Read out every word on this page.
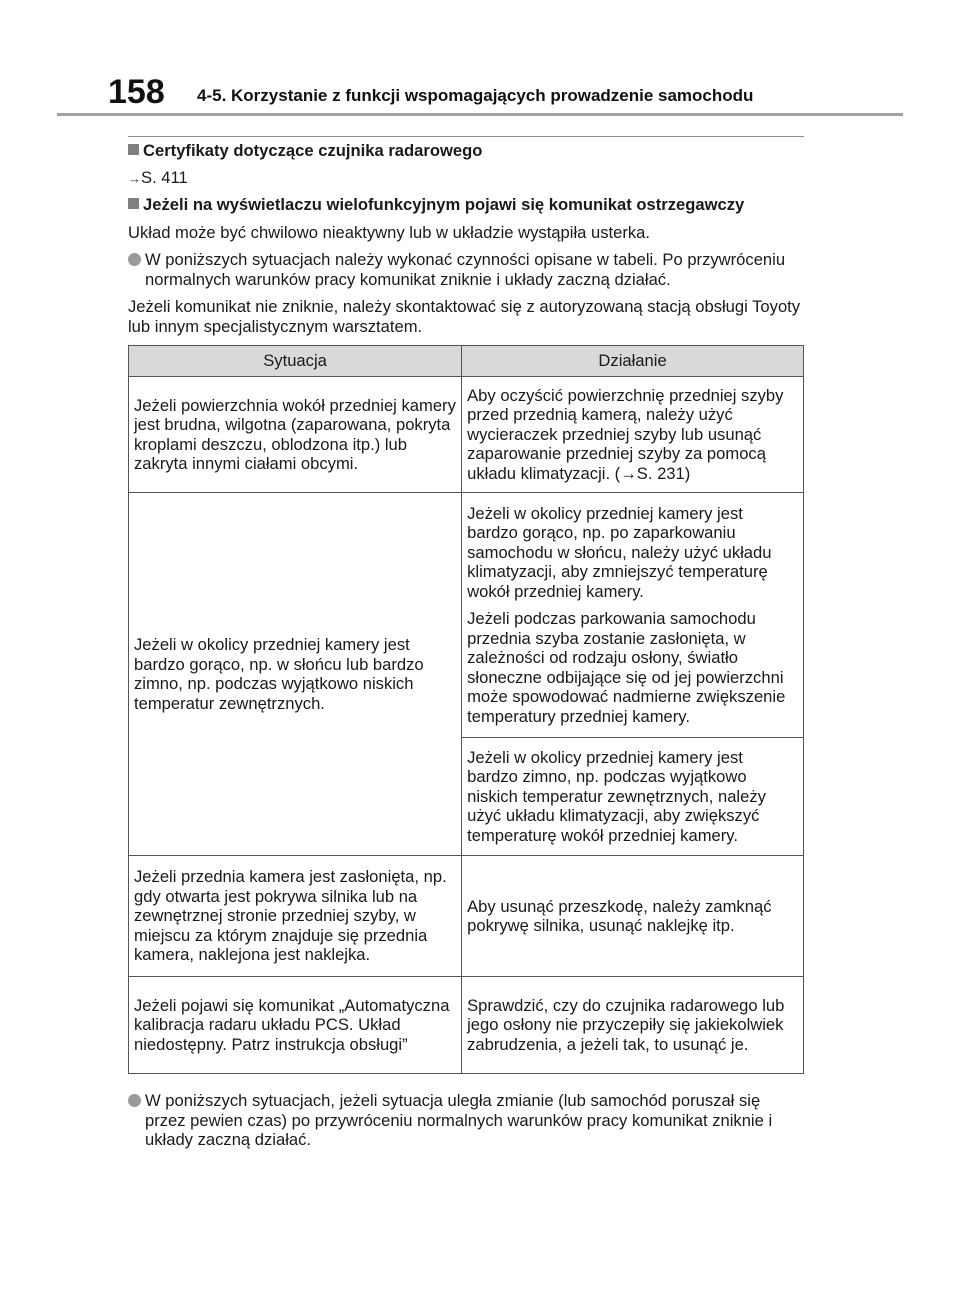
158 4-5. Korzystanie z funkcji wspomagających prowadzenie samochodu

Certyfikaty dotyczące czujnika radarowego

→S. 411

Jeżeli na wyświetlaczu wielofunkcyjnym pojawi się komunikat ostrzegawczy

Układ może być chwilowo nieaktywny lub w układzie wystąpiła usterka.

W poniższych sytuacjach należy wykonać czynności opisane w tabeli. Po przywróceniu normalnych warunków pracy komunikat zniknie i układy zaczną działać.

Jeżeli komunikat nie zniknie, należy skontaktować się z autoryzowaną stacją obsługi Toyoty lub innym specjalistycznym warsztatem.

Sytuacja	Działanie
Jeżeli powierzchnia wokół przedniej kamery jest brudna, wilgotna (zaparowana, pokryta kroplami deszczu, oblodzona itp.) lub zakryta innymi ciałami obcymi.	Aby oczyścić powierzchnię przedniej szyby przed przednią kamerą, należy użyć wycieraczek przedniej szyby lub usunąć zaparowanie przedniej szyby za pomocą układu klimatyzacji. (→S. 231)
Jeżeli w okolicy przedniej kamery jest bardzo gorąco, np. w słońcu lub bardzo zimno, np. podczas wyjątkowo niskich temperatur zewnętrznych.	Jeżeli w okolicy przedniej kamery jest bardzo gorąco, np. po zaparkowaniu samochodu w słońcu, należy użyć układu klimatyzacji, aby zmniejszyć temperaturę wokół przedniej kamery.

Jeżeli podczas parkowania samochodu przednia szyba zostanie zasłonięta, w zależności od rodzaju osłony, światło słoneczne odbijające się od jej powierzchni może spowodować nadmierne zwiększenie temperatury przedniej kamery.

	Jeżeli w okolicy przedniej kamery jest bardzo zimno, np. podczas wyjątkowo niskich temperatur zewnętrznych, należy użyć układu klimatyzacji, aby zwiększyć temperaturę wokół przedniej kamery.
Jeżeli przednia kamera jest zasłonięta, np. gdy otwarta jest pokrywa silnika lub na zewnętrznej stronie przedniej szyby, w miejscu za którym znajduje się przednia kamera, naklejona jest naklejka.	Aby usunąć przeszkodę, należy zamknąć pokrywę silnika, usunąć naklejkę itp.
Jeżeli pojawi się komunikat „Automatyczna kalibracja radaru układu PCS. Układ niedostępny. Patrz instrukcja obsługi”	Sprawdzić, czy do czujnika radarowego lub jego osłony nie przyczepiły się jakiekolwiek zabrudzenia, a jeżeli tak, to usunąć je.
W poniższych sytuacjach, jeżeli sytuacja uległa zmianie (lub samochód poruszał się przez pewien czas) po przywróceniu normalnych warunków pracy komunikat zniknie i układy zaczną działać.
